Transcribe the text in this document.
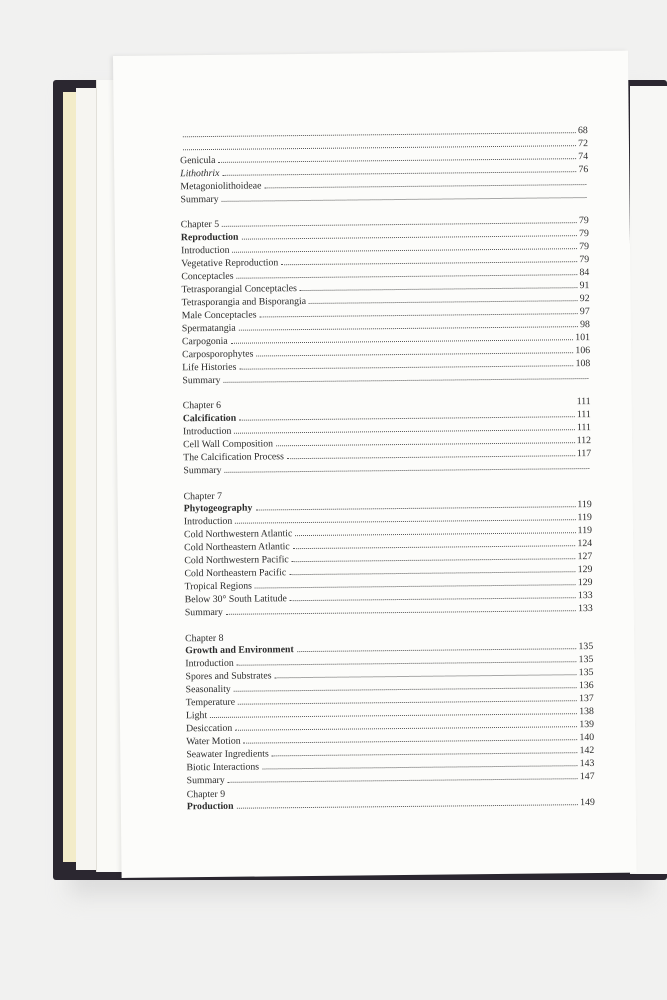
68
72
Genicula	74
Lithothrix	76
Metagoniolithoideae
Summary
Chapter 5	79
Reproduction	79
Introduction	79
Vegetative Reproduction	79
Conceptacles	84
Tetrasporangial Conceptacles	91
Tetrasporangia and Bisporangia	92
Male Conceptacles	97
Spermatangia	98
Carpogonia	101
Carposporophytes	106
Life Histories	108
Summary
Chapter 6	111
Calcification	111
Introduction	111
Cell Wall Composition	112
The Calcification Process	117
Summary
Chapter 7
Phytogeography	119
Introduction	119
Cold Northwestern Atlantic	119
Cold Northeastern Atlantic	124
Cold Northwestern Pacific	127
Cold Northeastern Pacific	129
Tropical Regions	129
Below 30° South Latitude	133
Summary	133
Chapter 8
Growth and Environment	135
Introduction	135
Spores and Substrates	135
Seasonality	136
Temperature	137
Light	138
Desiccation	139
Water Motion	140
Seawater Ingredients	142
Biotic Interactions	143
Summary	147
Chapter 9
Production	149
